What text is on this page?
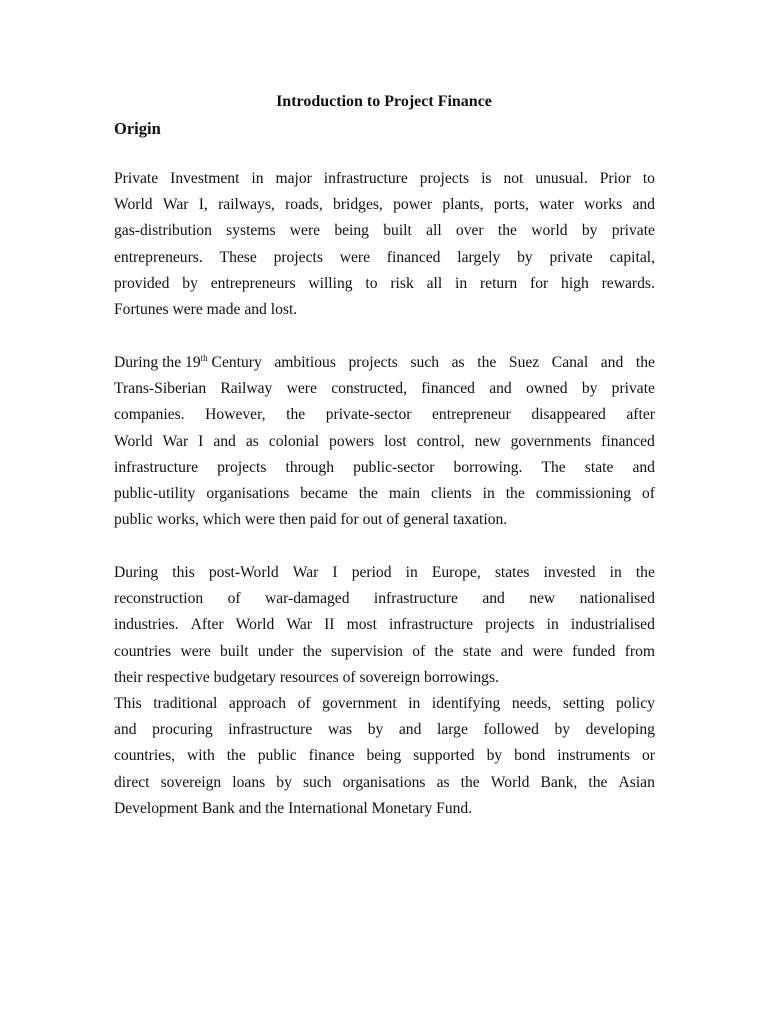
Introduction to Project Finance
Origin
Private Investment in major infrastructure projects is not unusual. Prior to
World War I, railways, roads, bridges, power plants, ports, water works and
gas-distribution systems were being built all over the world by private
entrepreneurs. These projects were financed largely by private capital,
provided by entrepreneurs willing to risk all in return for high rewards.
Fortunes were made and lost.
During the 19th Century ambitious projects such as the Suez Canal and the
Trans-Siberian Railway were constructed, financed and owned by private
companies. However, the private-sector entrepreneur disappeared after
World War I and as colonial powers lost control, new governments financed
infrastructure projects through public-sector borrowing. The state and
public-utility organisations became the main clients in the commissioning of
public works, which were then paid for out of general taxation.
During this post-World War I period in Europe, states invested in the
reconstruction of war-damaged infrastructure and new nationalised
industries. After World War II most infrastructure projects in industrialised
countries were built under the supervision of the state and were funded from
their respective budgetary resources of sovereign borrowings.
This traditional approach of government in identifying needs, setting policy
and procuring infrastructure was by and large followed by developing
countries, with the public finance being supported by bond instruments or
direct sovereign loans by such organisations as the World Bank, the Asian
Development Bank and the International Monetary Fund.
